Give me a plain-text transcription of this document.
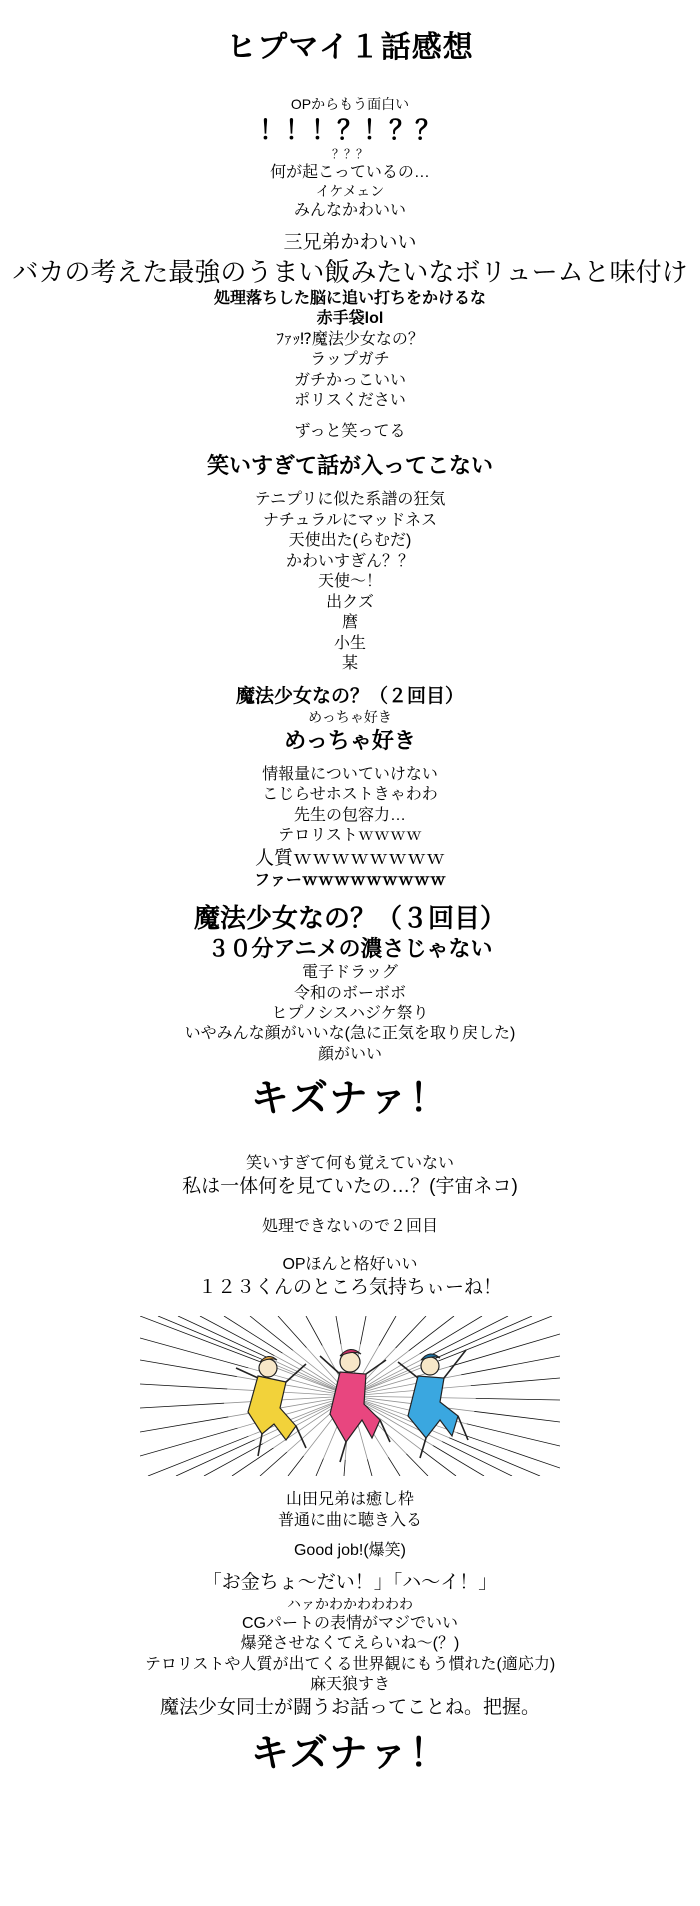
ヒプマイ１話感想
OPからもう面白い
！！！？！？？
？？？
何が起こっているの…
イケメェン
みんなかわいい
三兄弟かわいい
バカの考えた最強のうまい飯みたいなボリュームと味付け
処理落ちした脳に追い打ちをかけるな
赤手袋lol
ﾌｧｯ⁉︎魔法少女なの？
ラップガチ
ガチかっこいい
ポリスください
ずっと笑ってる
笑いすぎて話が入ってこない
テニプリに似た系譜の狂気
ナチュラルにマッドネス
天使出た(らむだ)
かわいすぎん？？
天使〜！
出クズ
麿
小生
某
魔法少女なの？（２回目）
めっちゃ好き
めっちゃ好き
情報量についていけない
こじらせホストきゃわわ
先生の包容力…
テロリストｗｗｗｗ
人質ｗｗｗｗｗｗｗｗ
ファーｗｗｗｗｗｗｗｗｗ
魔法少女なの？（３回目）
３０分アニメの濃さじゃない
電子ドラッグ
令和のボーボボ
ヒプノシスハジケ祭り
いやみんな顔がいいな(急に正気を取り戻した)
顔がいい
キズナァ！
笑いすぎて何も覚えていない
私は一体何を見ていたの…？(宇宙ネコ)
処理できないので２回目
OPほんと格好いい
１２３くんのところ気持ちぃーね！
山田兄弟は癒し枠
普通に曲に聴き入る
Good job!(爆笑)
「お金ちょ〜だい！」「ハ〜イ！」
ハァかわかわわわわ
CGパートの表情がマジでいい
爆発させなくてえらいね〜(？)
テロリストや人質が出てくる世界観にもう慣れた(適応力)
麻天狼すき
魔法少女同士が闘うお話ってことね。把握。
キズナァ！
